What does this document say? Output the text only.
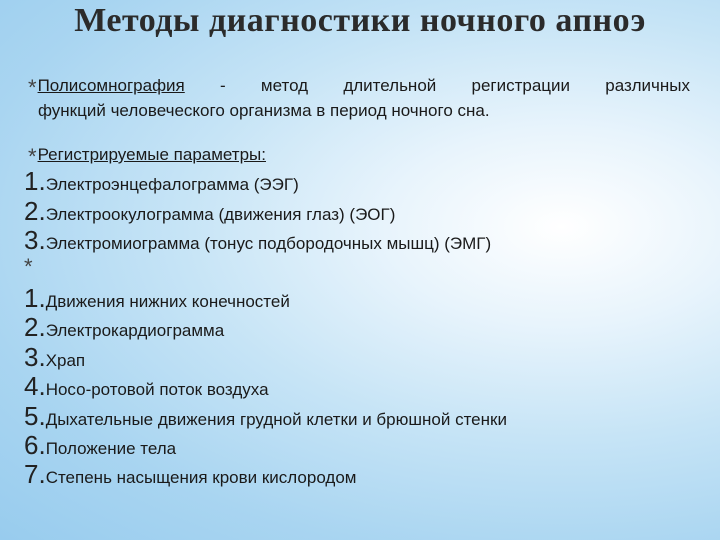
Методы диагностики ночного апноэ
*Полисомнография - метод длительной регистрации различных
функций человеческого организма в период ночного сна.
*Регистрируемые параметры:
1.Электроэнцефалограмма (ЭЭГ)
2.Электроокулограмма (движения глаз) (ЭОГ)
3.Электромиограмма (тонус подбородочных мышц) (ЭМГ)
*
1.Движения нижних конечностей
2.Электрокардиограмма
3.Храп
4.Носо-ротовой поток воздуха
5.Дыхательные движения грудной клетки и брюшной стенки
6.Положение тела
7.Степень насыщения крови кислородом
